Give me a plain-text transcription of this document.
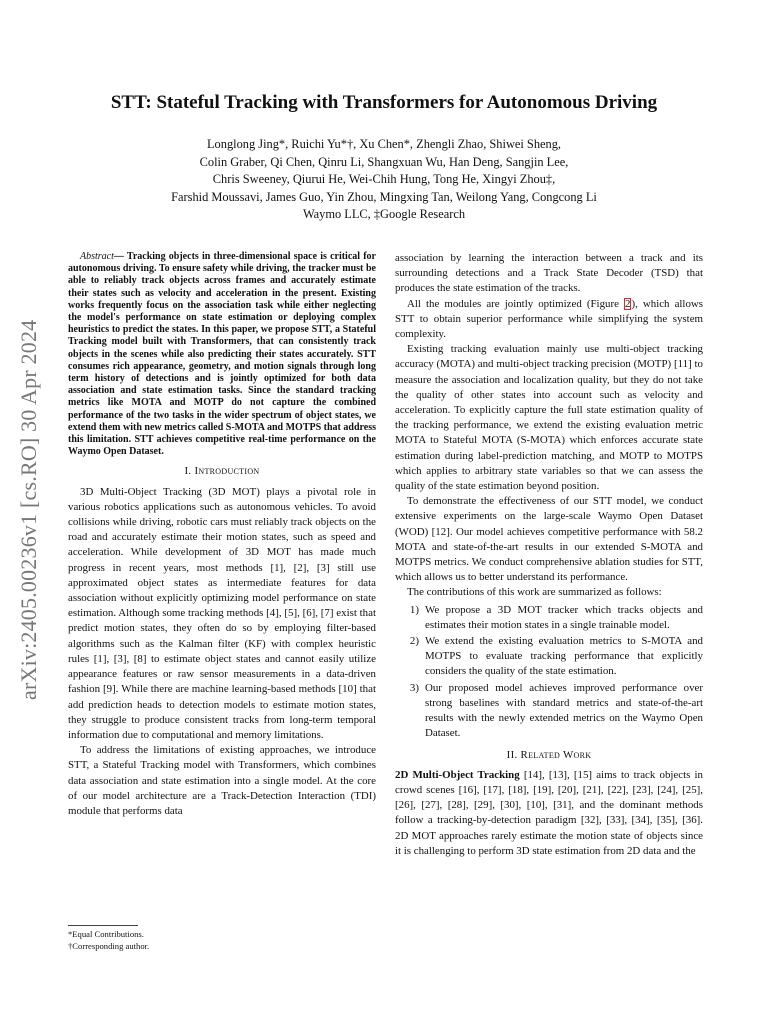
arXiv:2405.00236v1 [cs.RO] 30 Apr 2024
STT: Stateful Tracking with Transformers for Autonomous Driving
Longlong Jing*, Ruichi Yu*†, Xu Chen*, Zhengli Zhao, Shiwei Sheng,
Colin Graber, Qi Chen, Qinru Li, Shangxuan Wu, Han Deng, Sangjin Lee,
Chris Sweeney, Qiurui He, Wei-Chih Hung, Tong He, Xingyi Zhou‡,
Farshid Moussavi, James Guo, Yin Zhou, Mingxing Tan, Weilong Yang, Congcong Li
Waymo LLC, ‡Google Research

Abstract— Tracking objects in three-dimensional space is critical for autonomous driving. To ensure safety while driving, the tracker must be able to reliably track objects across frames and accurately estimate their states such as velocity and acceleration in the present. Existing works frequently focus on the association task while either neglecting the model's performance on state estimation or deploying complex heuristics to predict the states. In this paper, we propose STT, a Stateful Tracking model built with Transformers, that can consistently track objects in the scenes while also predicting their states accurately. STT consumes rich appearance, geometry, and motion signals through long term history of detections and is jointly optimized for both data association and state estimation tasks. Since the standard tracking metrics like MOTA and MOTP do not capture the combined performance of the two tasks in the wider spectrum of object states, we extend them with new metrics called S-MOTA and MOTPS that address this limitation. STT achieves competitive real-time performance on the Waymo Open Dataset.

I. Introduction

3D Multi-Object Tracking (3D MOT) plays a pivotal role in various robotics applications such as autonomous vehicles. To avoid collisions while driving, robotic cars must reliably track objects on the road and accurately estimate their motion states, such as speed and acceleration. While development of 3D MOT has made much progress in recent years, most methods [1], [2], [3] still use approximated object states as intermediate features for data association without explicitly optimizing model performance on state estimation. Although some tracking methods [4], [5], [6], [7] exist that predict motion states, they often do so by employing filter-based algorithms such as the Kalman filter (KF) with complex heuristic rules [1], [3], [8] to estimate object states and cannot easily utilize appearance features or raw sensor measurements in a data-driven fashion [9]. While there are machine learning-based methods [10] that add prediction heads to detection models to estimate motion states, they struggle to produce consistent tracks from long-term temporal information due to computational and memory limitations.

To address the limitations of existing approaches, we introduce STT, a Stateful Tracking model with Transformers, which combines data association and state estimation into a single model. At the core of our model architecture are a Track-Detection Interaction (TDI) module that performs data

*Equal Contributions.
†Corresponding author.

association by learning the interaction between a track and its surrounding detections and a Track State Decoder (TSD) that produces the state estimation of the tracks.

All the modules are jointly optimized (Figure 2), which allows STT to obtain superior performance while simplifying the system complexity.

Existing tracking evaluation mainly use multi-object tracking accuracy (MOTA) and multi-object tracking precision (MOTP) [11] to measure the association and localization quality, but they do not take the quality of other states into account such as velocity and acceleration. To explicitly capture the full state estimation quality of the tracking performance, we extend the existing evaluation metric MOTA to Stateful MOTA (S-MOTA) which enforces accurate state estimation during label-prediction matching, and MOTP to MOTPS which applies to arbitrary state variables so that we can assess the quality of the state estimation beyond position.

To demonstrate the effectiveness of our STT model, we conduct extensive experiments on the large-scale Waymo Open Dataset (WOD) [12]. Our model achieves competitive performance with 58.2 MOTA and state-of-the-art results in our extended S-MOTA and MOTPS metrics. We conduct comprehensive ablation studies for STT, which allows us to better understand its performance.

The contributions of this work are summarized as follows:

1) We propose a 3D MOT tracker which tracks objects and estimates their motion states in a single trainable model.
2) We extend the existing evaluation metrics to S-MOTA and MOTPS to evaluate tracking performance that explicitly considers the quality of the state estimation.
3) Our proposed model achieves improved performance over strong baselines with standard metrics and state-of-the-art results with the newly extended metrics on the Waymo Open Dataset.
II. Related Work

2D Multi-Object Tracking [14], [13], [15] aims to track objects in crowd scenes [16], [17], [18], [19], [20], [21], [22], [23], [24], [25], [26], [27], [28], [29], [30], [10], [31], and the dominant methods follow a tracking-by-detection paradigm [32], [33], [34], [35], [36]. 2D MOT approaches rarely estimate the motion state of objects since it is challenging to perform 3D state estimation from 2D data and the
